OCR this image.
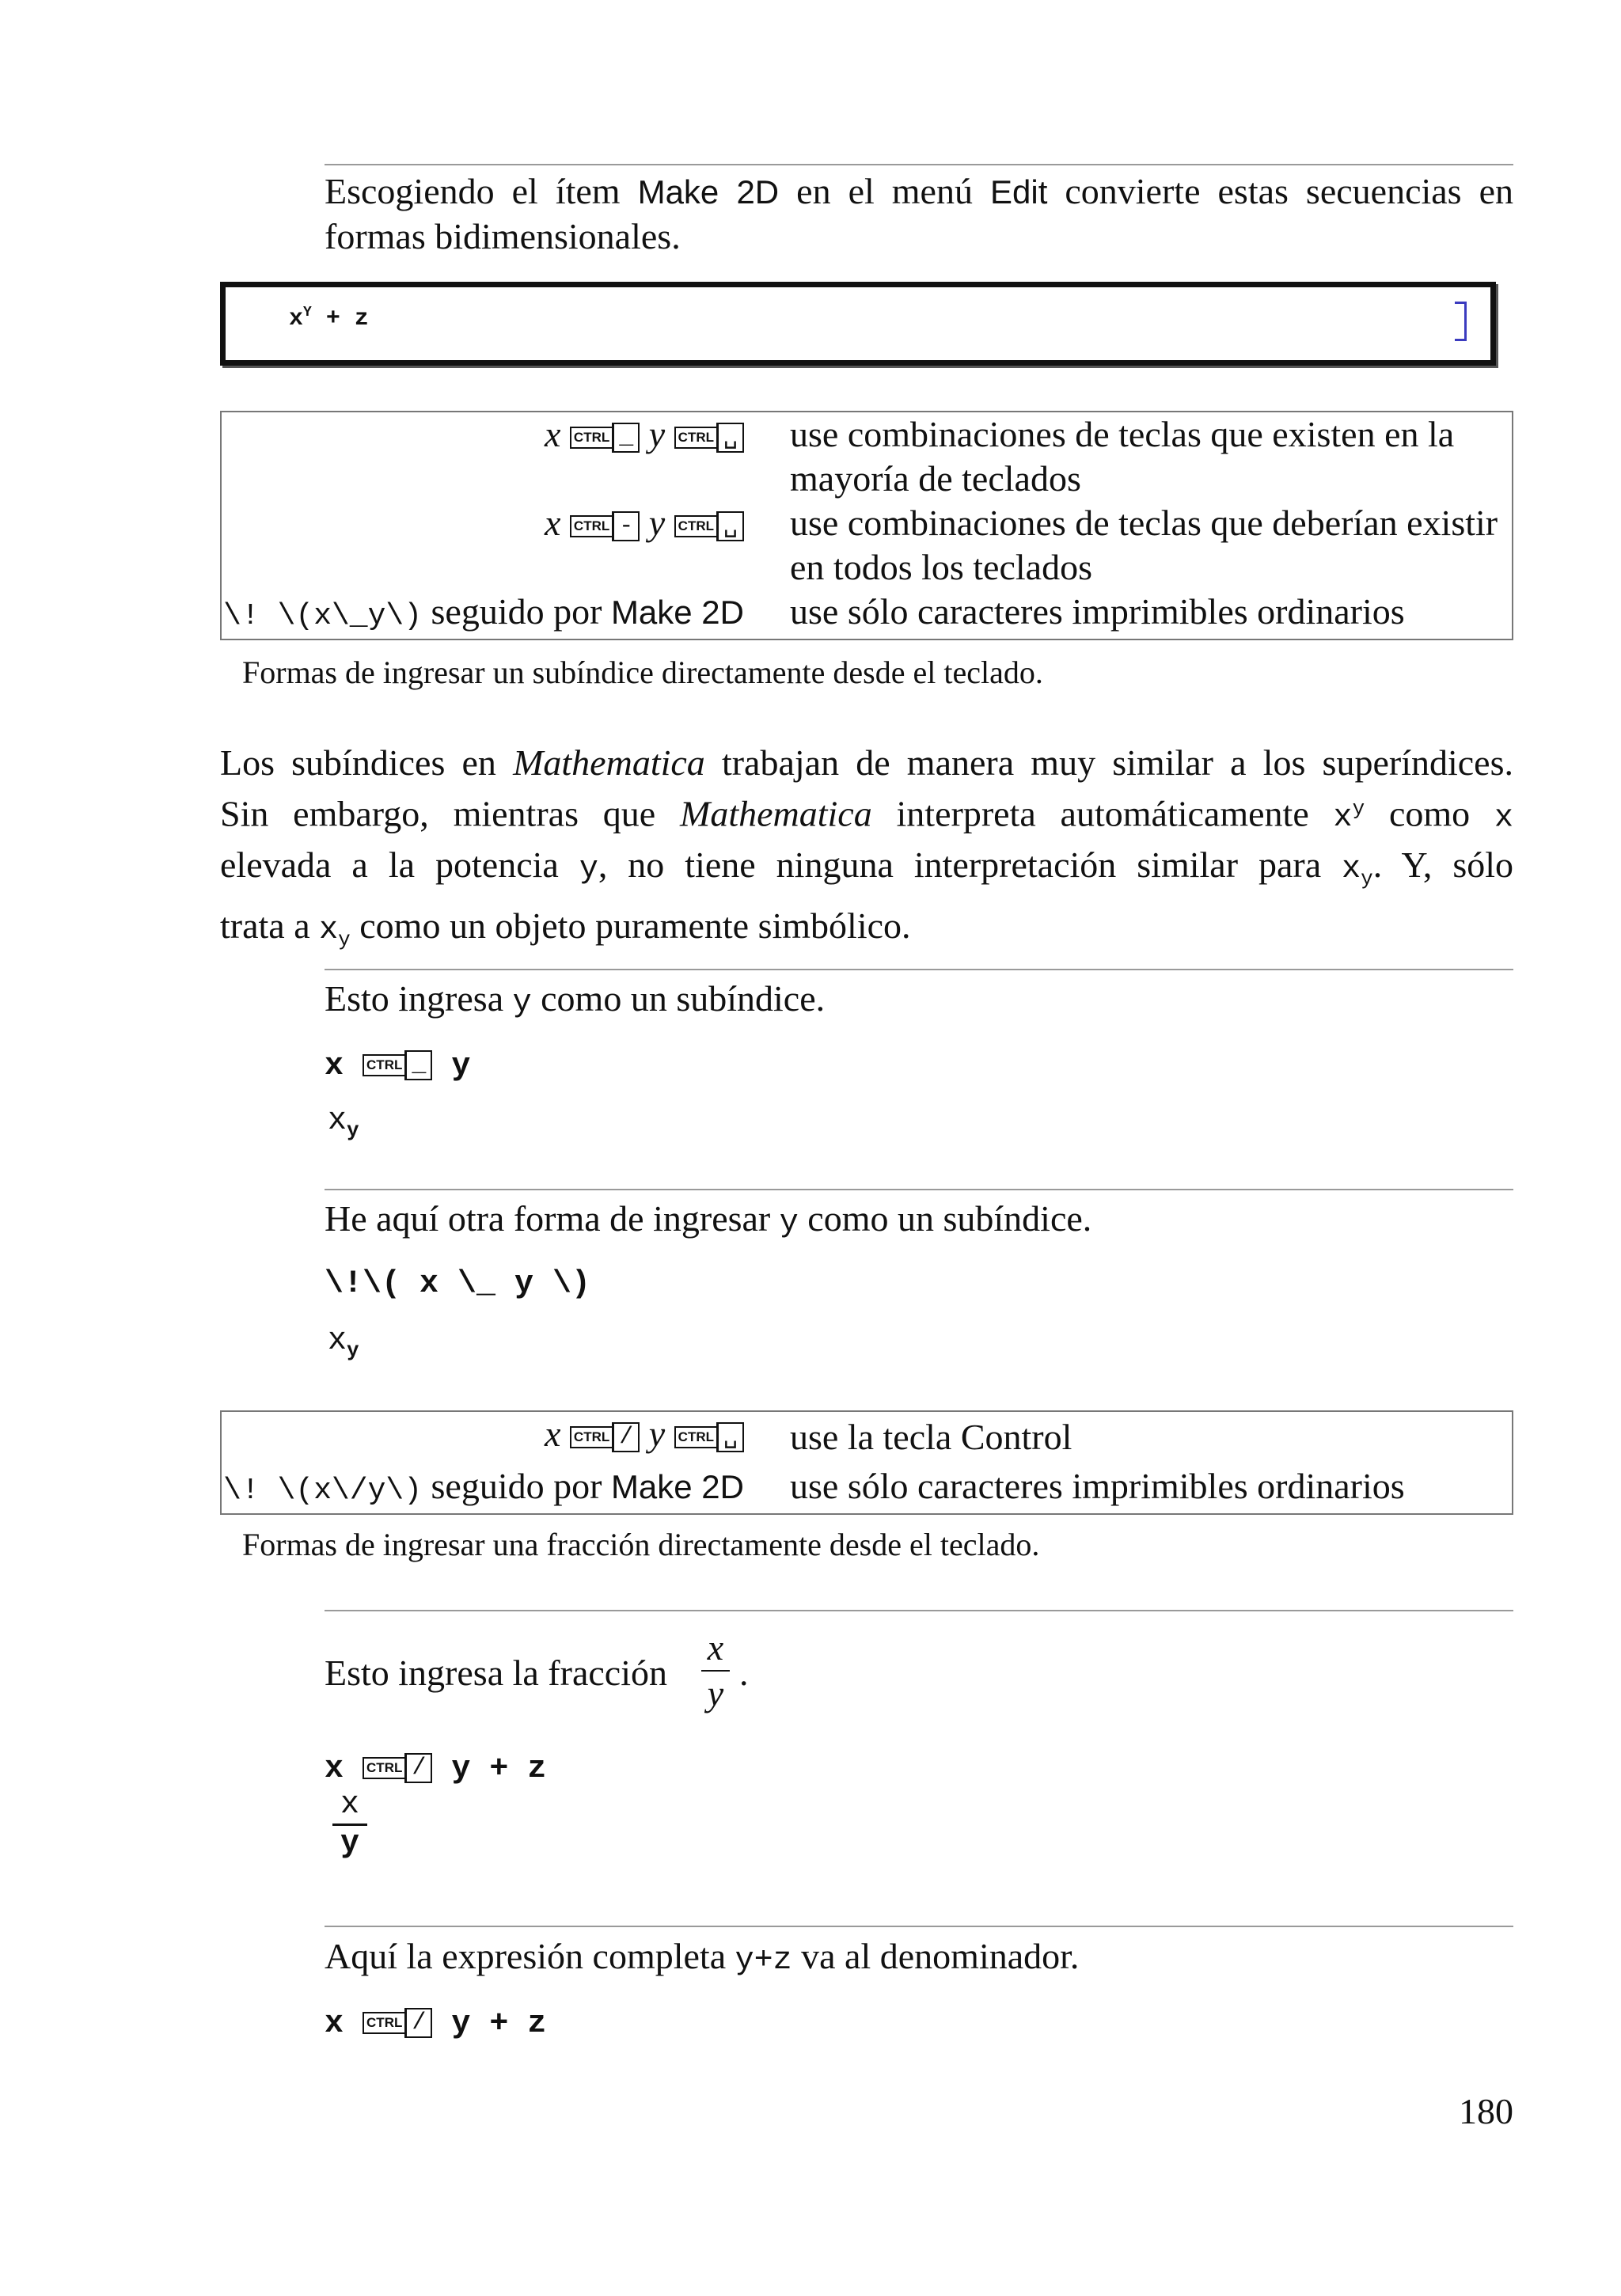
Escogiendo el ítem Make 2D en el menú Edit convierte estas secuencias en formas bidimensionales.
$x^Y + z$
x CTRL _ y CTRL ␣	use combinaciones de teclas que existen en la mayoría de teclados
x CTRL - y CTRL ␣	use combinaciones de teclas que deberían existir en todos los teclados
\! \(x\_y\) seguido por Make 2D	use sólo caracteres imprimibles ordinarios
Formas de ingresar un subíndice directamente desde el teclado.
Los subíndices en Mathematica trabajan de manera muy similar a los superíndices.
Sin embargo, mientras que Mathematica interpreta automáticamente $x^y$ como x
elevada a la potencia y, no tiene ninguna interpretación similar para $x_y$. Y, sólo
trata a $x_y$ como un objeto puramente simbólico.
Esto ingresa y como un subíndice.
x CTRL _ y
$x_y$
He aquí otra forma de ingresar y como un subíndice.
\!\( x \_ y \)
$x_y$
x CTRL / y CTRL ␣	use la tecla Control
\! \(x\/y\) seguido por Make 2D	use sólo caracteres imprimibles ordinarios
Formas de ingresar una fracción directamente desde el teclado.
Esto ingresa la fracción
x
y
.
x CTRL / y + z
x
y
Aquí la expresión completa y+z va al denominador.
x CTRL / y + z
180
